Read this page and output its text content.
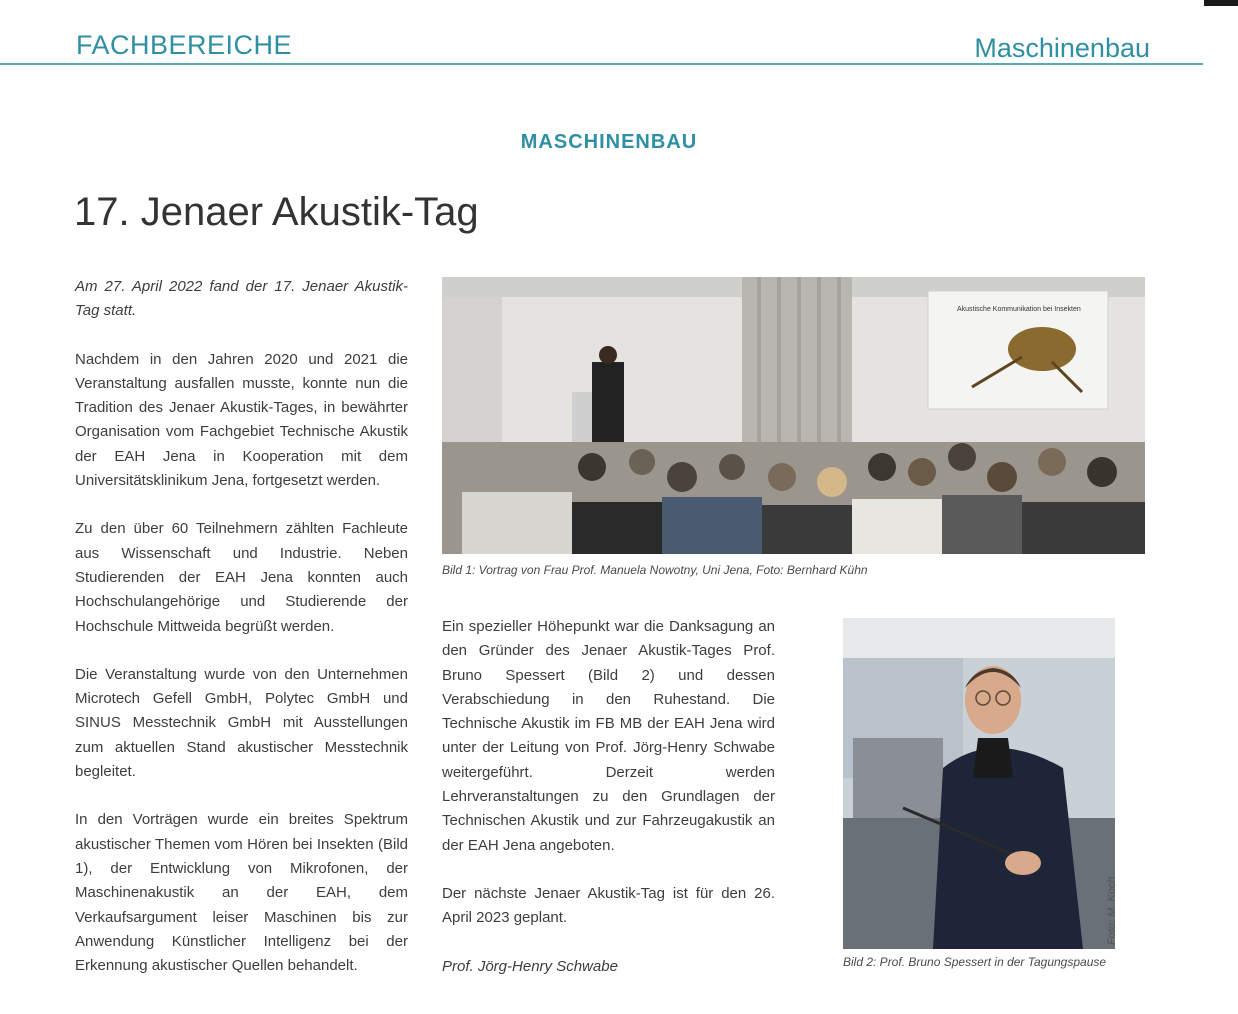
FACHBEREICHE	Maschinenbau
MASCHINENBAU
17. Jenaer Akustik-Tag

Am 27. April 2022 fand der 17. Jenaer Akustik-Tag statt.

Nachdem in den Jahren 2020 und 2021 die Veranstaltung ausfallen musste, konnte nun die Tradition des Jenaer Akustik-Tages, in bewährter Organisation vom Fachgebiet Technische Akustik der EAH Jena in Kooperation mit dem Universitätsklinikum Jena, fortgesetzt werden.

Zu den über 60 Teilnehmern zählten Fachleute aus Wissenschaft und Industrie. Neben Studierenden der EAH Jena konnten auch Hochschulangehörige und Studierende der Hochschule Mittweida begrüßt werden.

Die Veranstaltung wurde von den Unternehmen Microtech Gefell GmbH, Polytec GmbH und SINUS Messtechnik GmbH mit Ausstellungen zum aktuellen Stand akustischer Messtechnik begleitet.

In den Vorträgen wurde ein breites Spektrum akustischer Themen vom Hören bei Insekten (Bild 1), der Entwicklung von Mikrofonen, der Maschinenakustik an der EAH, dem Verkaufsargument leiser Maschinen bis zur Anwendung Künstlicher Intelligenz bei der Erkennung akustischer Quellen behandelt.

Akustische Kommunikation bei Insekten
Bild 1: Vortrag von Frau Prof. Manuela Nowotny, Uni Jena, Foto: Bernhard Kühn

Ein spezieller Höhepunkt war die Danksagung an den Gründer des Jenaer Akustik-Tages Prof. Bruno Spessert (Bild 2) und dessen Verabschiedung in den Ruhestand. Die Technische Akustik im FB MB der EAH Jena wird unter der Leitung von Prof. Jörg-Henry Schwabe weitergeführt. Derzeit werden Lehrveranstaltungen zu den Grundlagen der Technischen Akustik und zur Fahrzeugakustik an der EAH Jena angeboten.

Der nächste Jenaer Akustik-Tag ist für den 26. April 2023 geplant.

Prof. Jörg-Henry Schwabe

Foto: M. Koch
Bild 2: Prof. Bruno Spessert in der Tagungspause
